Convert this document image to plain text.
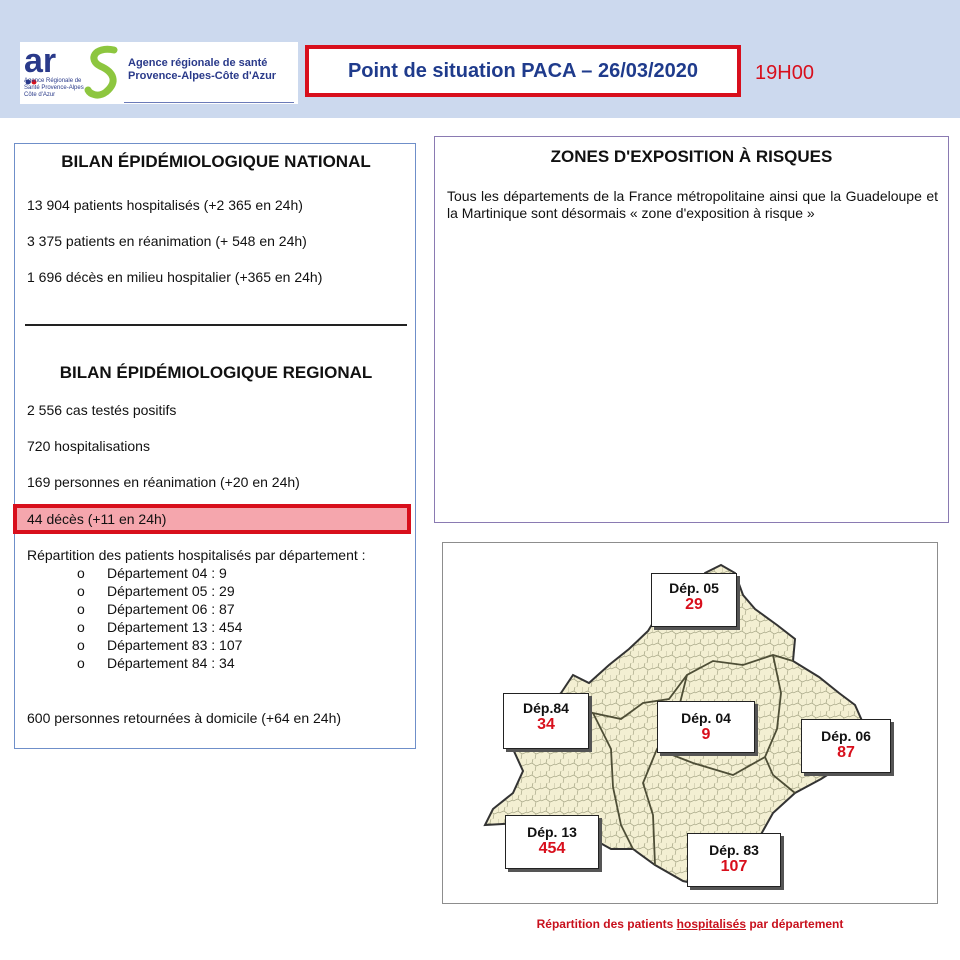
ar
Agence Régionale de Santé Provence-Alpes Côte d'Azur
Agence régionale de santé
Provence-Alpes-Côte d'Azur	Point de situation PACA – 26/03/2020	19H00
BILAN ÉPIDÉMIOLOGIQUE NATIONAL
13 904 patients hospitalisés (+2 365 en 24h)
3 375 patients en réanimation (+ 548 en 24h)
1 696 décès en milieu hospitalier (+365 en 24h)
BILAN ÉPIDÉMIOLOGIQUE REGIONAL
2 556 cas testés positifs
720 hospitalisations
169 personnes en réanimation (+20 en 24h)
44 décès (+11 en 24h)
Répartition des patients hospitalisés par département :
o Département 04 : 9
o Département 05 : 29
o Département 06 : 87
o Département 13 : 454
o Département 83 : 107
o Département 84 : 34
600 personnes retournées à domicile (+64 en 24h)
ZONES D'EXPOSITION À RISQUES
Tous les départements de la France métropolitaine ainsi que la Guadeloupe et la Martinique sont désormais « zone d'exposition à risque »
Dép. 05
29
Dép.84
34	Dép. 04
9	Dép. 06
87
Dép. 13
454	Dép. 83
107
Répartition des patients hospitalisés par département
